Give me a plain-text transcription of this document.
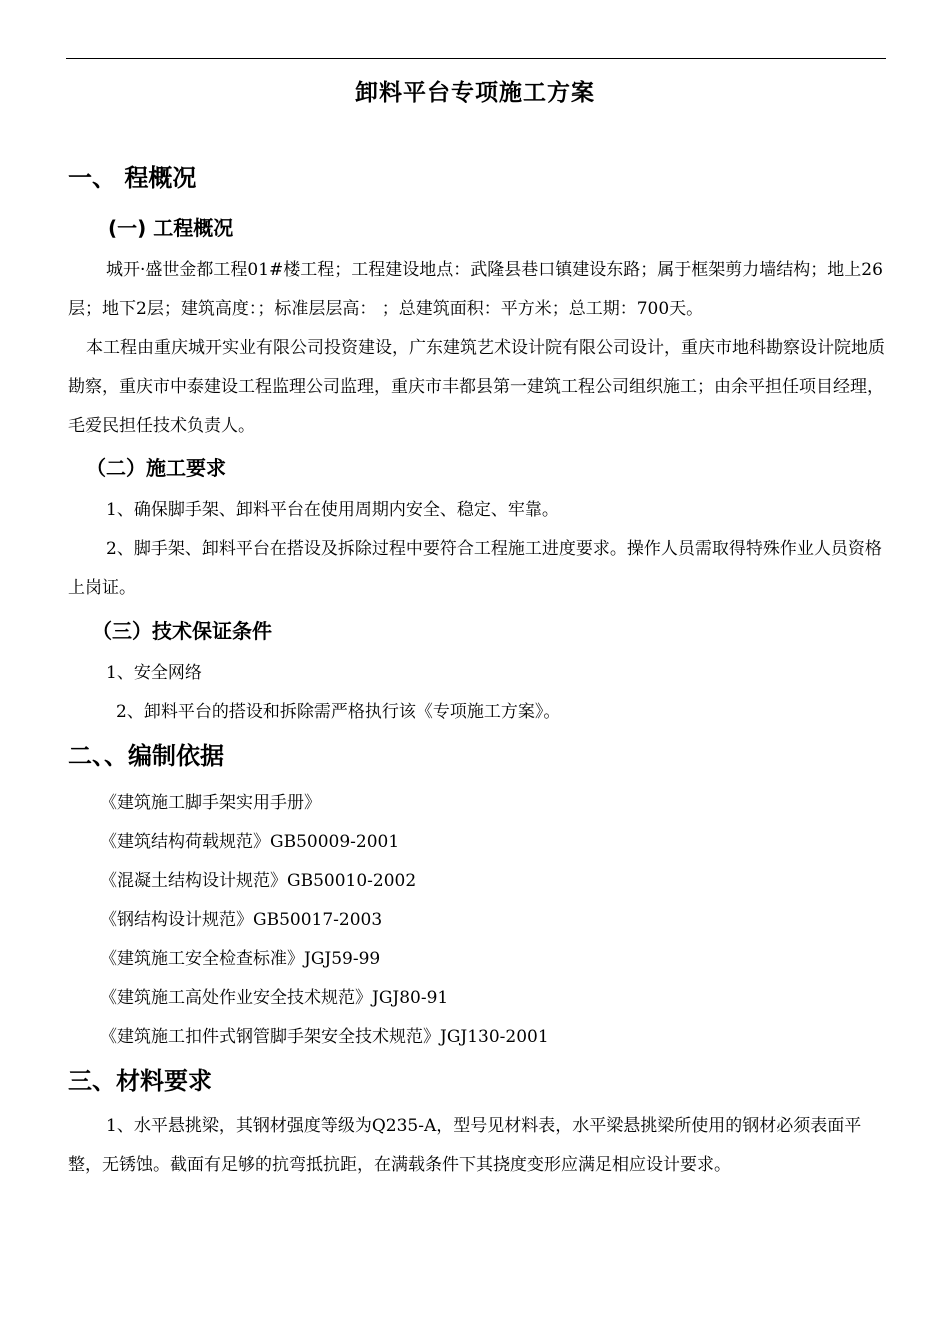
卸料平台专项施工方案
一、 程概况
(一) 工程概况
城开·盛世金都工程01#楼工程；工程建设地点：武隆县巷口镇建设东路；属于框架剪力墙结构；地上26层；地下2层；建筑高度：；标准层层高： ；总建筑面积：平方米；总工期：700天。
本工程由重庆城开实业有限公司投资建设，广东建筑艺术设计院有限公司设计，重庆市地科勘察设计院地质勘察，重庆市中泰建设工程监理公司监理，重庆市丰都县第一建筑工程公司组织施工；由余平担任项目经理，毛爱民担任技术负责人。
（二）施工要求
1、确保脚手架、卸料平台在使用周期内安全、稳定、牢靠。
2、脚手架、卸料平台在搭设及拆除过程中要符合工程施工进度要求。操作人员需取得特殊作业人员资格上岗证。
（三）技术保证条件
1、安全网络
2、卸料平台的搭设和拆除需严格执行该《专项施工方案》。
二、、编制依据
《建筑施工脚手架实用手册》
《建筑结构荷载规范》GB50009-2001
《混凝土结构设计规范》GB50010-2002
《钢结构设计规范》GB50017-2003
《建筑施工安全检查标准》JGJ59-99
《建筑施工高处作业安全技术规范》JGJ80-91
《建筑施工扣件式钢管脚手架安全技术规范》JGJ130-2001
三、材料要求
1、水平悬挑梁，其钢材强度等级为Q235-A，型号见材料表，水平梁悬挑梁所使用的钢材必须表面平整，无锈蚀。截面有足够的抗弯抵抗距，在满载条件下其挠度变形应满足相应设计要求。
